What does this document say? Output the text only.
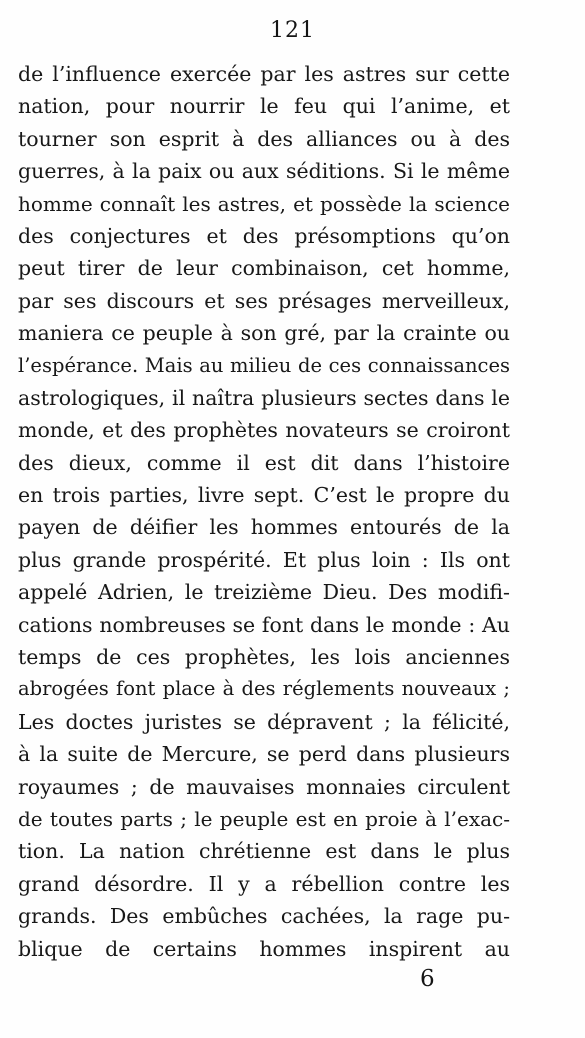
121
de l’influence exercée par les astres sur cette
nation, pour nourrir le feu qui l’anime, et
tourner son esprit à des alliances ou à des
guerres, à la paix ou aux séditions. Si le même
homme connaît les astres, et possède la science
des conjectures et des présomptions qu’on
peut tirer de leur combinaison, cet homme,
par ses discours et ses présages merveilleux,
maniera ce peuple à son gré, par la crainte ou
l’espérance. Mais au milieu de ces connaissances
astrologiques, il naîtra plusieurs sectes dans le
monde, et des prophètes novateurs se croiront
des dieux, comme il est dit dans l’histoire
en trois parties, livre sept. C’est le propre du
payen de déifier les hommes entourés de la
plus grande prospérité. Et plus loin : Ils ont
appelé Adrien, le treizième Dieu. Des modifi-
cations nombreuses se font dans le monde : Au
temps de ces prophètes, les lois anciennes
abrogées font place à des réglements nouveaux ;
Les doctes juristes se dépravent ; la félicité,
à la suite de Mercure, se perd dans plusieurs
royaumes ; de mauvaises monnaies circulent
de toutes parts ; le peuple est en proie à l’exac-
tion. La nation chrétienne est dans le plus
grand désordre. Il y a rébellion contre les
grands. Des embûches cachées, la rage pu-
blique de certains hommes inspirent au
6
